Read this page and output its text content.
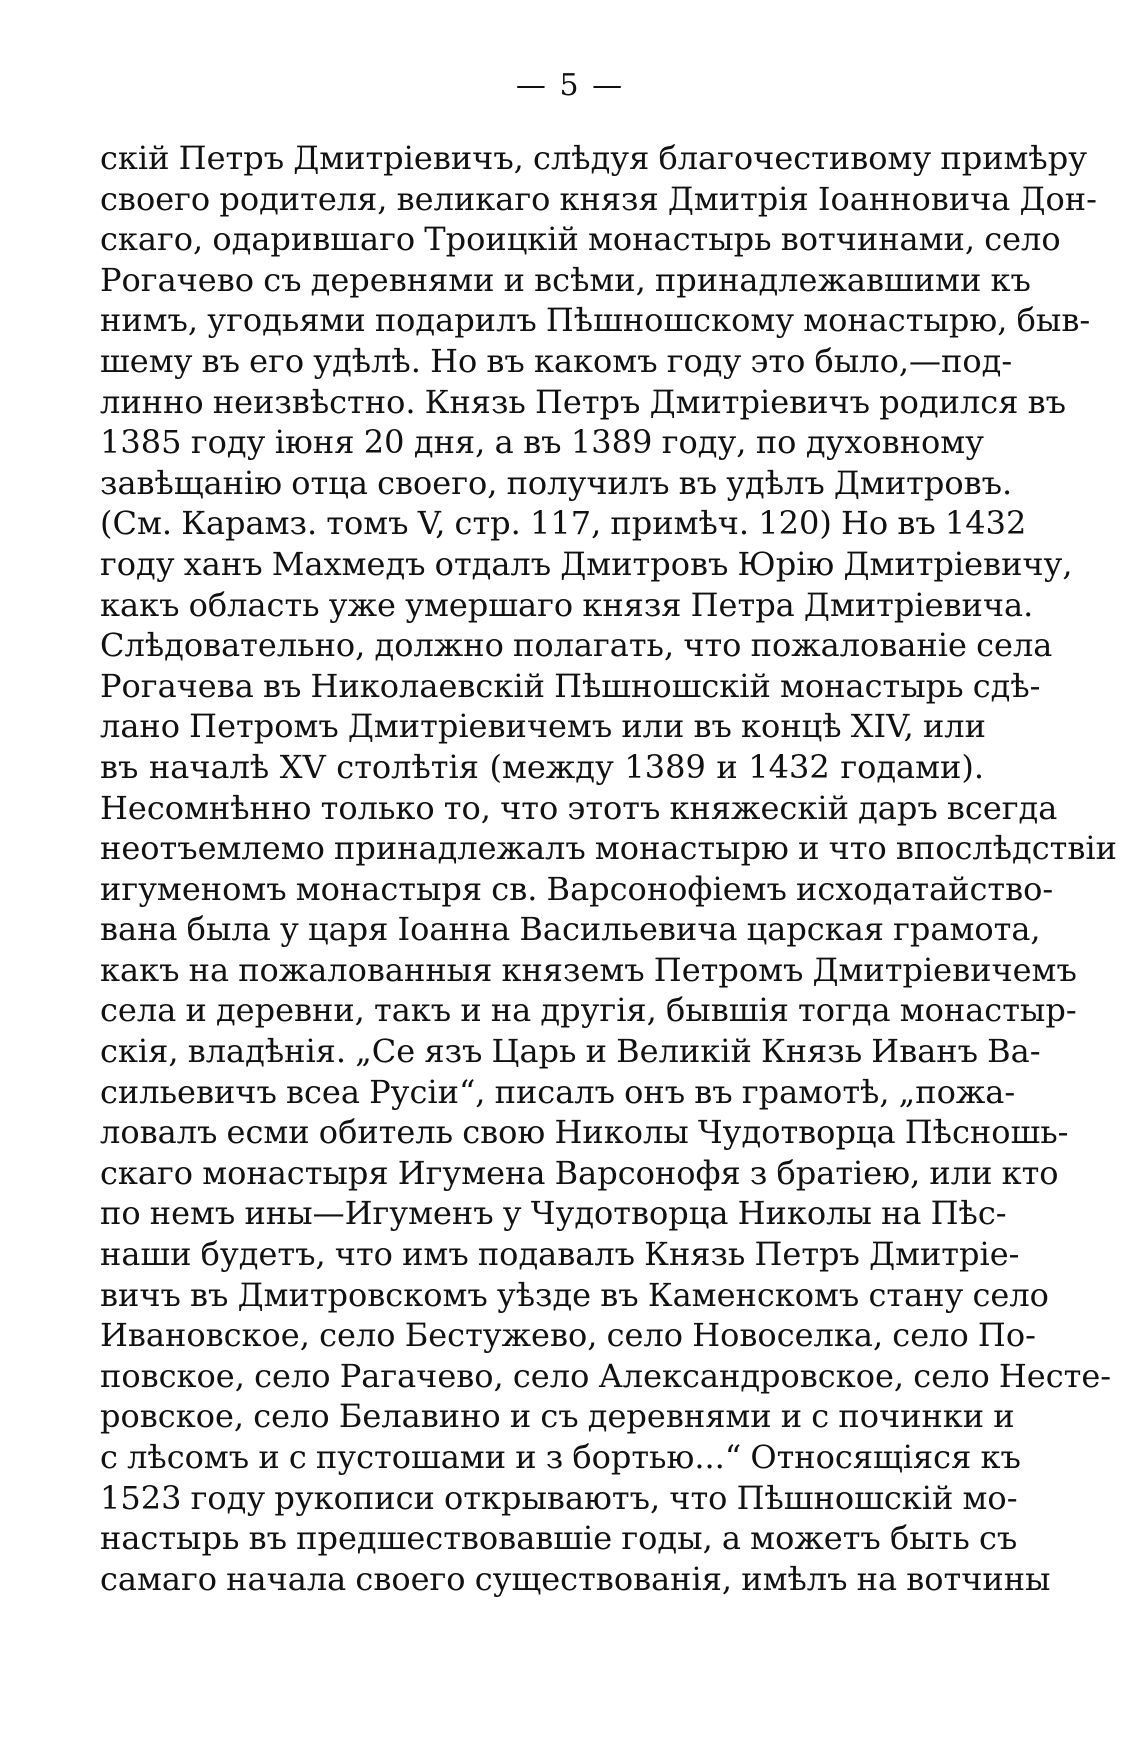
— 5 —
скій Петръ Дмитріевичъ, слѣдуя благочестивому примѣру
своего родителя, великаго князя Дмитрія Іоанновича Дон-
скаго, одарившаго Троицкій монастырь вотчинами, село
Рогачево съ деревнями и всѣми, принадлежавшими къ
нимъ, угодьями подарилъ Пѣшношскому монастырю, быв-
шему въ его удѣлѣ. Но въ какомъ году это было,—под-
линно неизвѣстно. Князь Петръ Дмитріевичъ родился въ
1385 году іюня 20 дня, а въ 1389 году, по духовному
завѣщанію отца своего, получилъ въ удѣлъ Дмитровъ.
(См. Карамз. томъ V, стр. 117, примѣч. 120) Но въ 1432
году ханъ Махмедъ отдалъ Дмитровъ Юрію Дмитріевичу,
какъ область уже умершаго князя Петра Дмитріевича.
Слѣдовательно, должно полагать, что пожалованіе села
Рогачева въ Николаевскій Пѣшношскій монастырь сдѣ-
лано Петромъ Дмитріевичемъ или въ концѣ XIV, или
въ началѣ XV столѣтія (между 1389 и 1432 годами).
Несомнѣнно только то, что этотъ княжескій даръ всегда
неотъемлемо принадлежалъ монастырю и что впослѣдствіи
игуменомъ монастыря св. Варсонофіемъ исходатайство-
вана была у царя Іоанна Васильевича царская грамота,
какъ на пожалованныя княземъ Петромъ Дмитріевичемъ
села и деревни, такъ и на другія, бывшія тогда монастыр-
скія, владѣнія. „Се язъ Царь и Великій Князь Иванъ Ва-
сильевичъ всеа Русіи“, писалъ онъ въ грамотѣ, „пожа-
ловалъ есми обитель свою Николы Чудотворца Пѣсношь-
скаго монастыря Игумена Варсонофя з братіею, или кто
по немъ ины—Игуменъ у Чудотворца Николы на Пѣс-
наши будетъ, что имъ подавалъ Князь Петръ Дмитріе-
вичъ въ Дмитровскомъ уѣзде въ Каменскомъ стану село
Ивановское, село Бестужево, село Новоселка, село По-
повское, село Рагачево, село Александровское, село Несте-
ровское, село Белавино и съ деревнями и с починки и
с лѣсомъ и с пустошами и з бортью...“ Относящіяся къ
1523 году рукописи открываютъ, что Пѣшношскій мо-
настырь въ предшествовавшіе годы, а можетъ быть съ
самаго начала своего существованія, имѣлъ на вотчины
